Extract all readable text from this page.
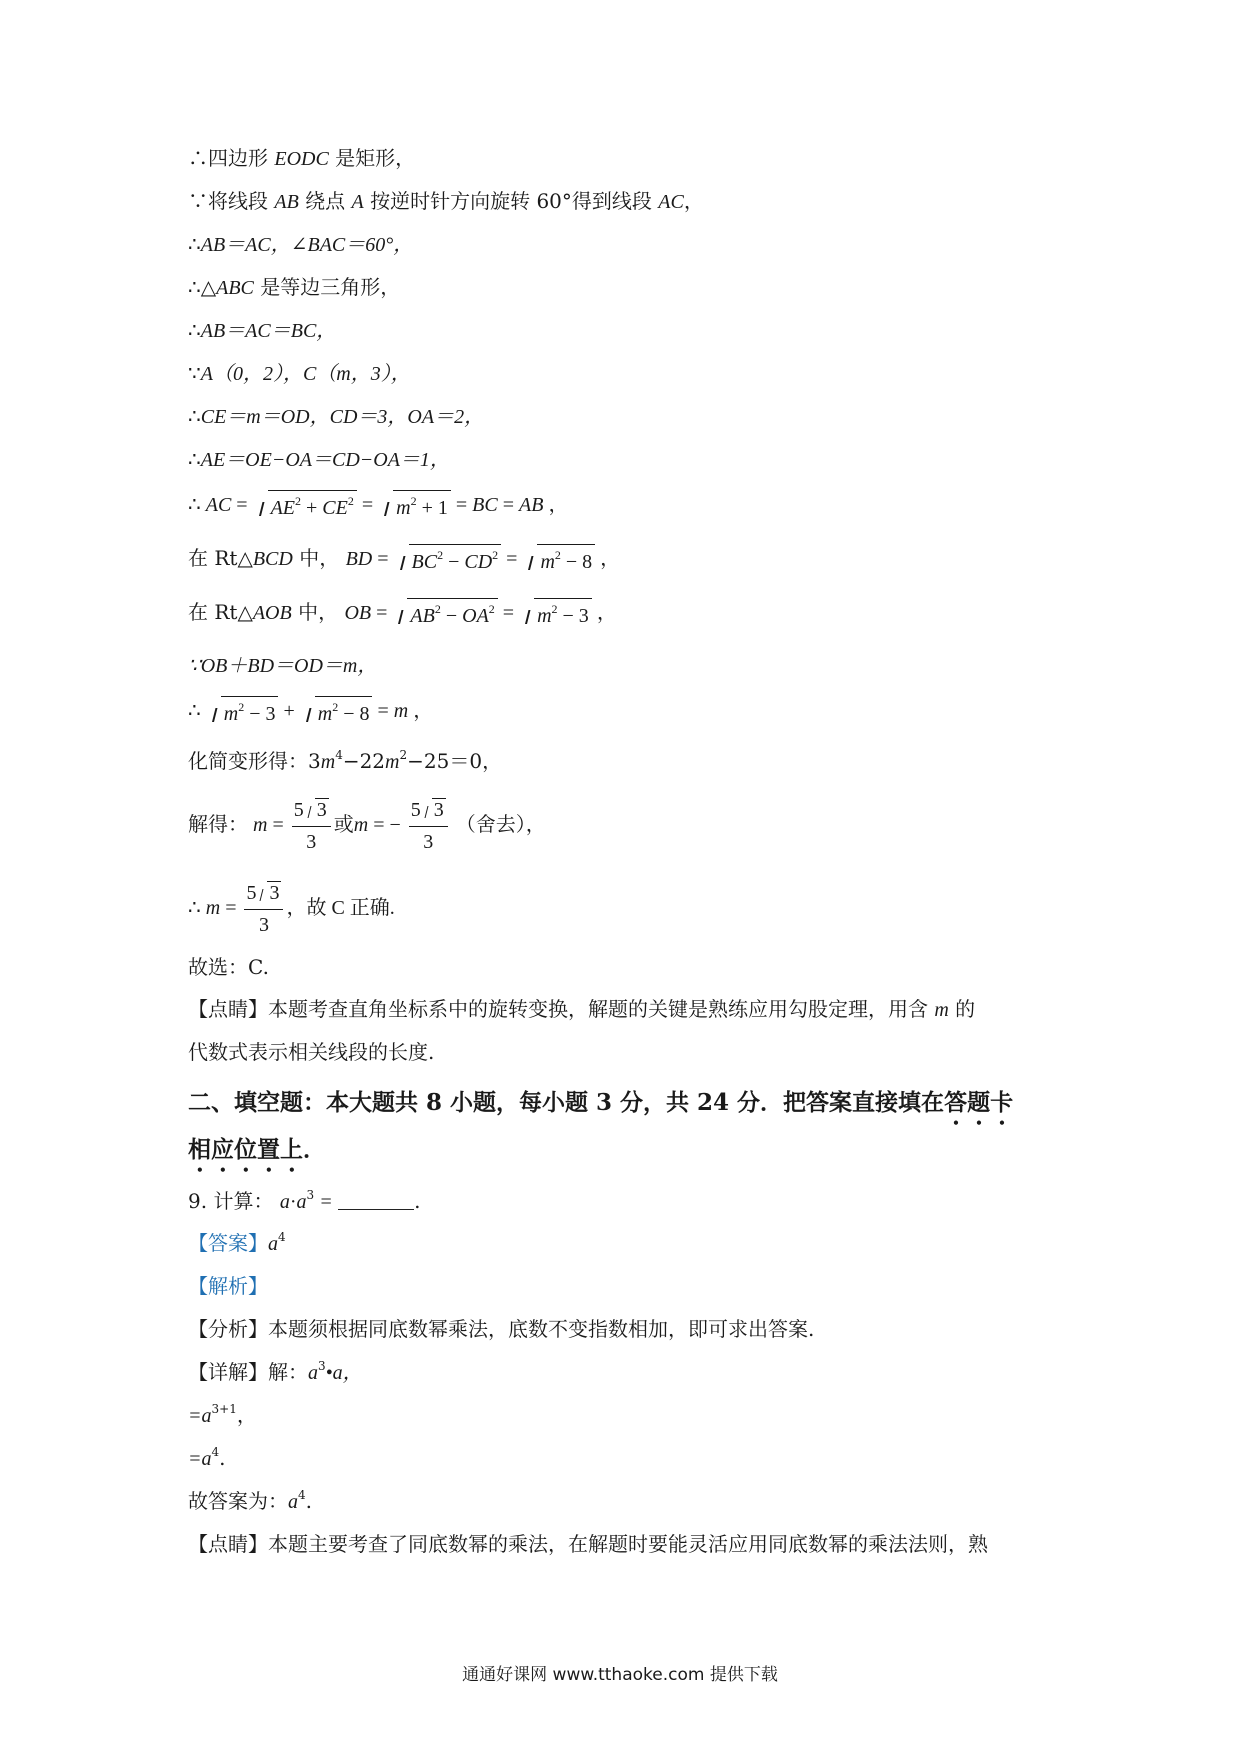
∴四边形 EODC 是矩形，
∵将线段 AB 绕点 A 按逆时针方向旋转 60°得到线段 AC，
∴AB＝AC，∠BAC＝60°，
∴△ABC 是等边三角形，
∴AB＝AC＝BC，
∵A（0，2），C（m，3），
∴CE＝m＝OD，CD＝3，OA＝2，
∴AE＝OE−OA＝CD−OA＝1，
∴ AC = $AE^2 + CE^2 = m^2 + 1$ = BC = AB ，
在 Rt△BCD 中， BD = $BC^2 - CD^2 = m^2 - 8$ ，
在 Rt△AOB 中， OB = $AB^2 - OA^2 = m^2 - 3$ ，
∵OB＋BD＝OD＝m，
∴ $m^2 - 3 + m^2 - 8 = m$ ，
化简变形得：$3m^4-22m^2-25=0$，
解得： $m = \frac{5 3}{3}$ 或m = − $\frac{5 3}{3}$ （舍去），
∴ $m = \frac{5 3}{3}$ ，故 C 正确.
故选：C.
【点睛】本题考查直角坐标系中的旋转变换，解题的关键是熟练应用勾股定理，用含 m 的
代数式表示相关线段的长度.
二、填空题：本大题共 8 小题，每小题 3 分，共 24 分．把答案直接填在答题卡
相应位置上．
9. 计算： $a\cdot a^3$ =	.
【答案】$a^4$
【解析】
【分析】本题须根据同底数幂乘法，底数不变指数相加，即可求出答案.
【详解】解：$a^3•a$，
$=a^{3+1}$，
$=a^4$.
故答案为：$a^4$.
【点睛】本题主要考查了同底数幂的乘法，在解题时要能灵活应用同底数幂的乘法法则，熟
通通好课网 www.tthaoke.com 提供下载
